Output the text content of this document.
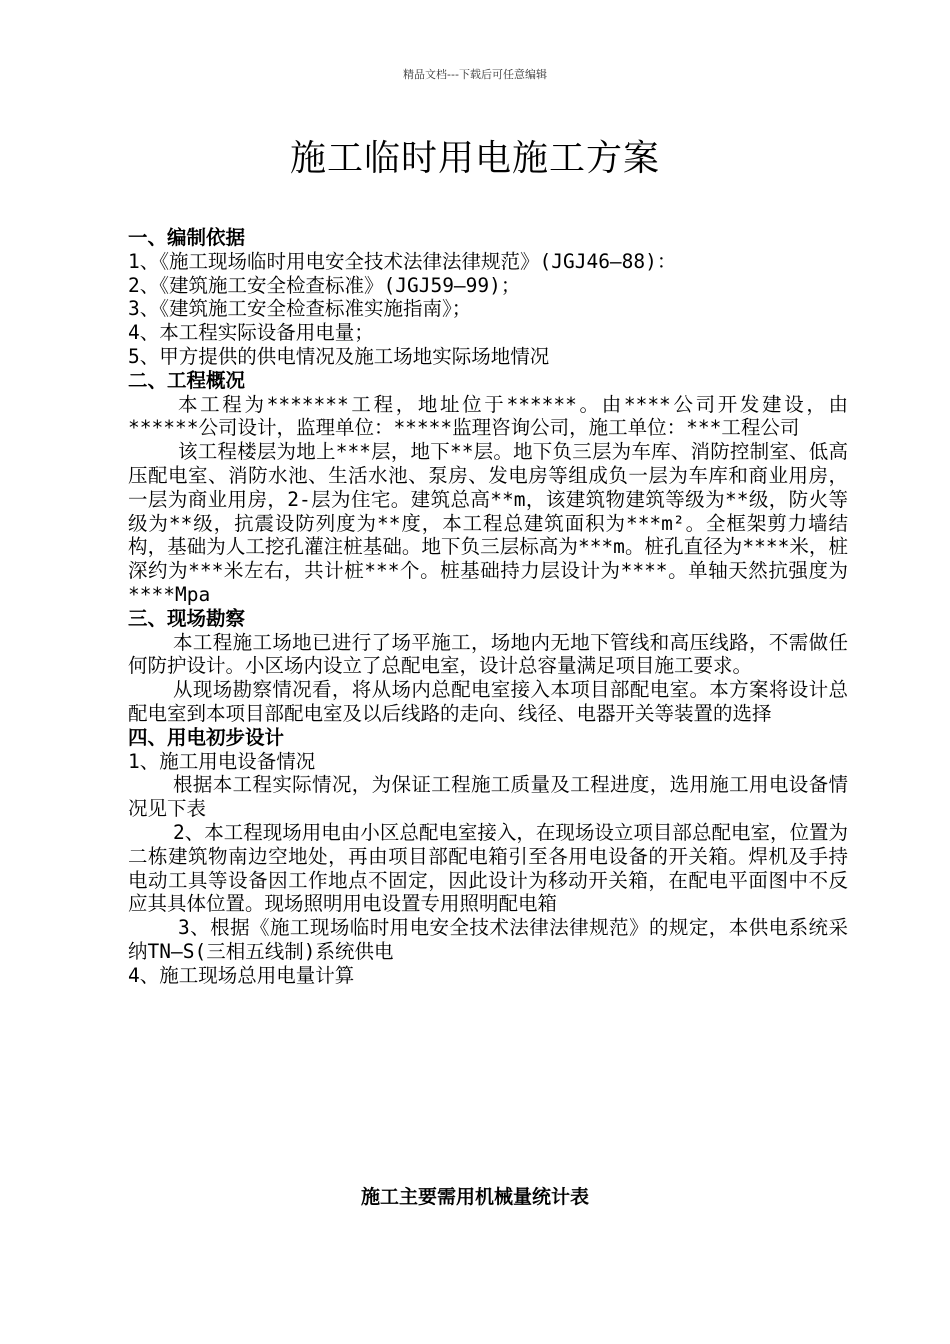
精品文档---下载后可任意编辑
施工临时用电施工方案

一、编制依据

1、《施工现场临时用电安全技术法律法律规范》(JGJ46—88)：

2、《建筑施工安全检查标准》(JGJ59—99)；

3、《建筑施工安全检查标准实施指南》；

4、本工程实际设备用电量；

5、甲方提供的供电情况及施工场地实际场地情况

二、工程概况

本工程为*******工程，地址位于******。由****公司开发建设，由******公司设计，监理单位：*****监理咨询公司，施工单位：***工程公司

该工程楼层为地上***层，地下**层。地下负三层为车库、消防控制室、低高压配电室、消防水池、生活水池、泵房、发电房等组成负一层为车库和商业用房，一层为商业用房，2-层为住宅。建筑总高**m，该建筑物建筑等级为**级，防火等级为**级，抗震设防列度为**度，本工程总建筑面积为***m²。全框架剪力墙结构，基础为人工挖孔灌注桩基础。地下负三层标高为***m。桩孔直径为****米，桩深约为***米左右，共计桩***个。桩基础持力层设计为****。单轴天然抗强度为****Mpa

三、现场勘察

本工程施工场地已进行了场平施工，场地内无地下管线和高压线路，不需做任何防护设计。小区场内设立了总配电室，设计总容量满足项目施工要求。

从现场勘察情况看，将从场内总配电室接入本项目部配电室。本方案将设计总配电室到本项目部配电室及以后线路的走向、线径、电器开关等装置的选择

四、用电初步设计

1、施工用电设备情况

根据本工程实际情况，为保证工程施工质量及工程进度，选用施工用电设备情况见下表

2、本工程现场用电由小区总配电室接入，在现场设立项目部总配电室，位置为二栋建筑物南边空地处，再由项目部配电箱引至各用电设备的开关箱。焊机及手持电动工具等设备因工作地点不固定，因此设计为移动开关箱，在配电平面图中不反应其具体位置。现场照明用电设置专用照明配电箱

3、根据《施工现场临时用电安全技术法律法律规范》的规定，本供电系统采纳TN—S(三相五线制)系统供电

4、施工现场总用电量计算

施工主要需用机械量统计表
